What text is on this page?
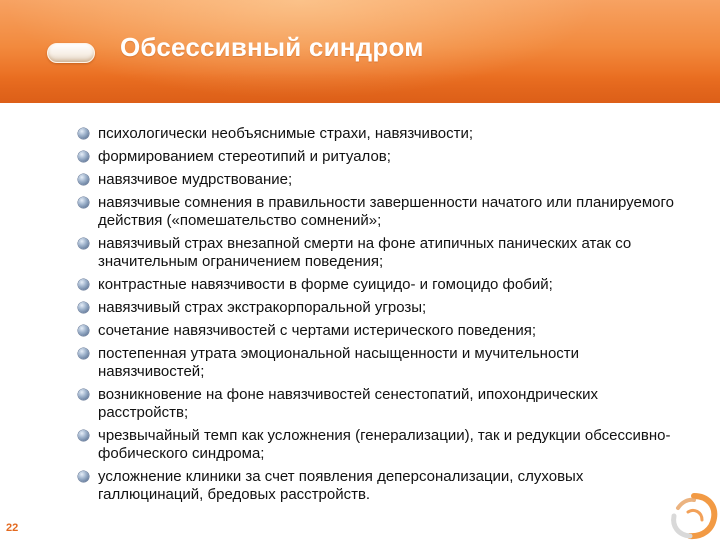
Обсессивный синдром
психологически необъяснимые страхи, навязчивости;
формированием стереотипий и ритуалов;
навязчивое мудрствование;
навязчивые сомнения в правильности завершенности начатого или планируемого действия («помешательство сомнений»;
навязчивый страх внезапной смерти на фоне атипичных панических атак со значительным ограничением поведения;
контрастные навязчивости в форме суицидо- и гомоцидо фобий;
навязчивый страх экстракорпоральной угрозы;
сочетание навязчивостей с чертами истерического поведения;
постепенная утрата эмоциональной насыщенности и мучительности навязчивостей;
возникновение на фоне навязчивостей сенестопатий, ипохондрических расстройств;
чрезвычайный темп как усложнения (генерализации), так и редукции обсессивно-фобического синдрома;
усложнение клиники за счет появления деперсонализации, слуховых галлюцинаций, бредовых расстройств.
22
